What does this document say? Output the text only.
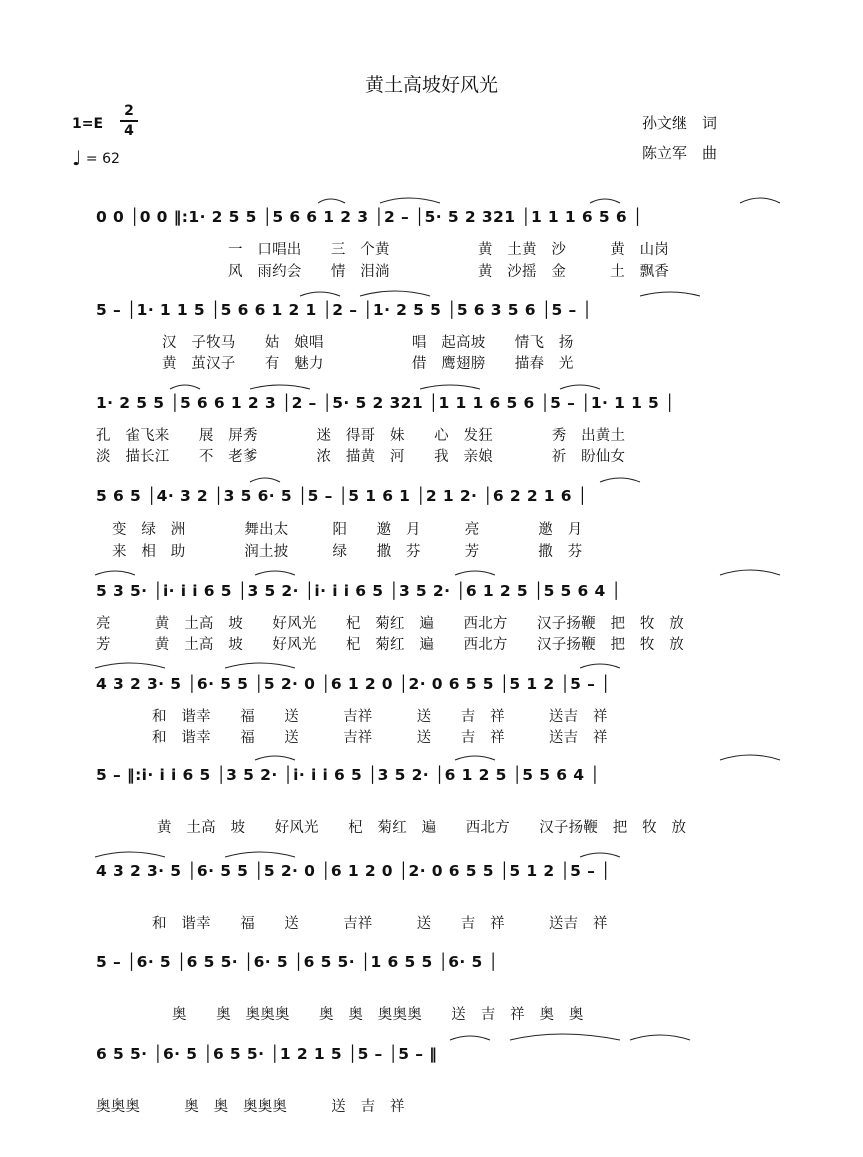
黄土高坡好风光
1=E
2
4
♩ = 62
孙文继　词
陈立军　曲
0 0 │0 0 ‖:1· 2 5 5 │5 6 6 1 2 3 │2 – │5· 5 2 321 │1 1 1 6 5 6 │
一　口唱出　　三　个黄　　　　　　黄　土黄　沙　　　黄　山岗
风　雨约会　　情　泪淌　　　　　　黄　沙摇　金　　　土　飘香
5 – │1· 1 1 5 │5 6 6 1 2 1 │2 – │1· 2 5 5 │5 6 3 5 6 │5 – │
汉　子牧马　　姑　娘唱　　　　　　唱　起高坡　　情飞　扬
黄　茧汉子　　有　魅力　　　　　　借　鹰翅膀　　描春　光
1· 2 5 5 │5 6 6 1 2 3 │2 – │5· 5 2 321 │1 1 1 6 5 6 │5 – │1· 1 1 5 │
孔　雀飞来　　展　屏秀　　　　迷　得哥　妹　　心　发狂　　　　秀　出黄土
淡　描长江　　不　老爹　　　　浓　描黄　河　　我　亲娘　　　　祈　盼仙女
5 6 5 │4· 3 2 │3 5 6· 5 │5 – │5 1 6 1 │2 1 2· │6 2 2 1 6 │
变　绿　洲　　　　舞出太　　　阳　　邀　月　　　亮　　　　邀　月
来　相　助　　　　润土披　　　绿　　撒　芬　　　芳　　　　撒　芬
5 3 5· │i· i i 6 5 │3 5 2· │i· i i 6 5 │3 5 2· │6 1 2 5 │5 5 6 4 │
亮　　　黄　土高　坡　　好风光　　杞　菊红　遍　　西北方　　汉子扬鞭　把　牧　放
芳　　　黄　土高　坡　　好风光　　杞　菊红　遍　　西北方　　汉子扬鞭　把　牧　放
4 3 2 3· 5 │6· 5 5 │5 2· 0 │6 1 2 0 │2· 0 6 5 5 │5 1 2 │5 – │
和　谐幸　　福　　送　　　吉祥　　　送　　吉　祥　　　送吉　祥
和　谐幸　　福　　送　　　吉祥　　　送　　吉　祥　　　送吉　祥
5 – ‖:i· i i 6 5 │3 5 2· │i· i i 6 5 │3 5 2· │6 1 2 5 │5 5 6 4 │
黄　土高　坡　　好风光　　杞　菊红　遍　　西北方　　汉子扬鞭　把　牧　放
4 3 2 3· 5 │6· 5 5 │5 2· 0 │6 1 2 0 │2· 0 6 5 5 │5 1 2 │5 – │
和　谐幸　　福　　送　　　吉祥　　　送　　吉　祥　　　送吉　祥
5 – │6· 5 │6 5 5· │6· 5 │6 5 5· │1 6 5 5 │6· 5 │
奥　　奥　奥奥奥　　奥　奥　奥奥奥　　送　吉　祥　奥　奥
6 5 5· │6· 5 │6 5 5· │1 2 1 5 │5 – │5 – ‖
奥奥奥　　　奥　奥　奥奥奥　　　送　吉　祥
